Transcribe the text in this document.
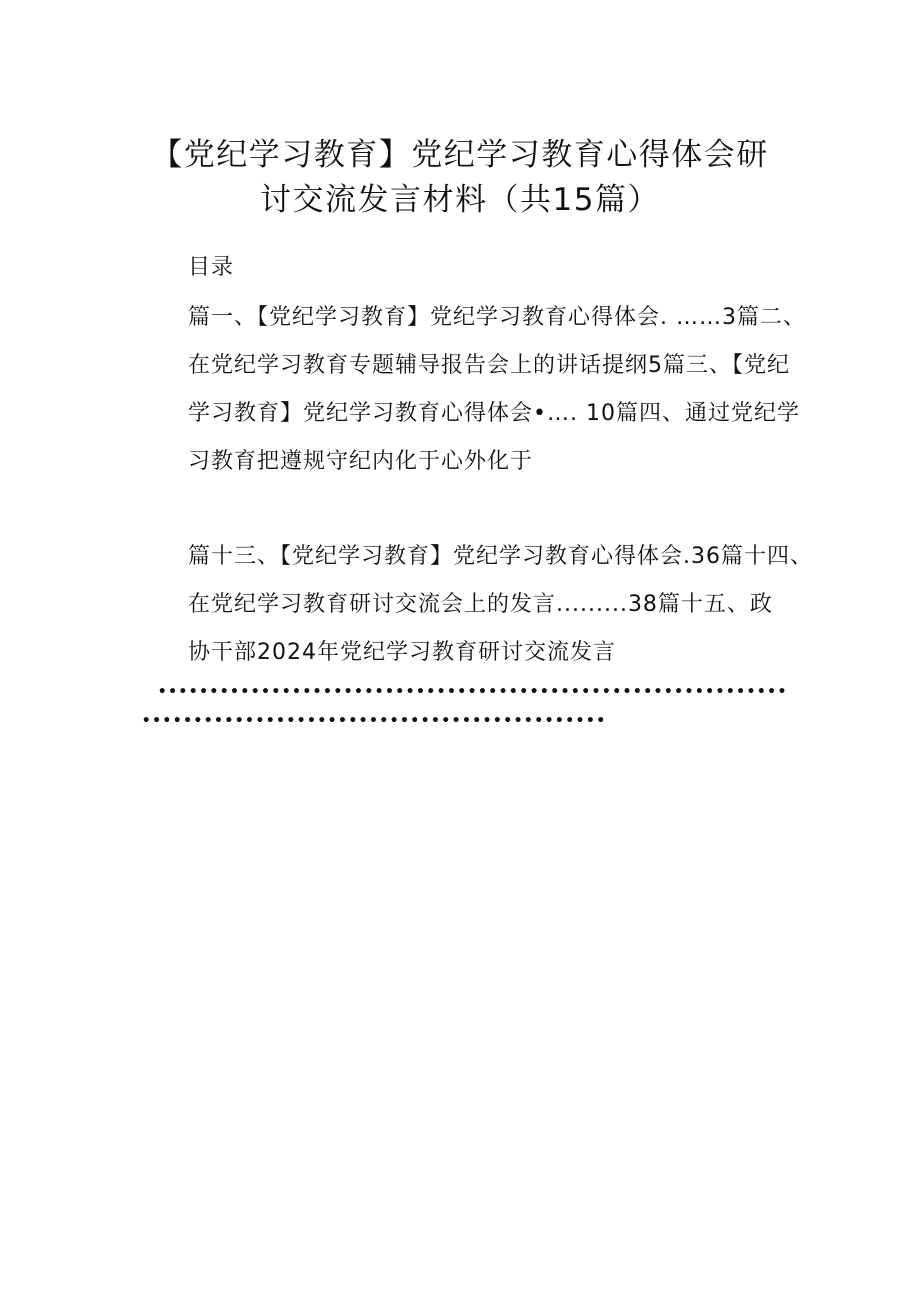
【党纪学习教育】党纪学习教育心得体会研
讨交流发言材料（共15篇）
目录
篇一、【党纪学习教育】党纪学习教育心得体会. ……3篇二、
在党纪学习教育专题辅导报告会上的讲话提纲5篇三、【党纪
学习教育】党纪学习教育心得体会•…. 10篇四、通过党纪学
习教育把遵规守纪内化于心外化于
篇十三、【党纪学习教育】党纪学习教育心得体会.36篇十四、
在党纪学习教育研讨交流会上的发言.........38篇十五、政
协干部2024年党纪学习教育研讨交流发言
•••••••••••••••••••••••••••••••••••••••••••••••••••••••••••••
•••••••••••••••••••••••••••••••••••••••••••••
